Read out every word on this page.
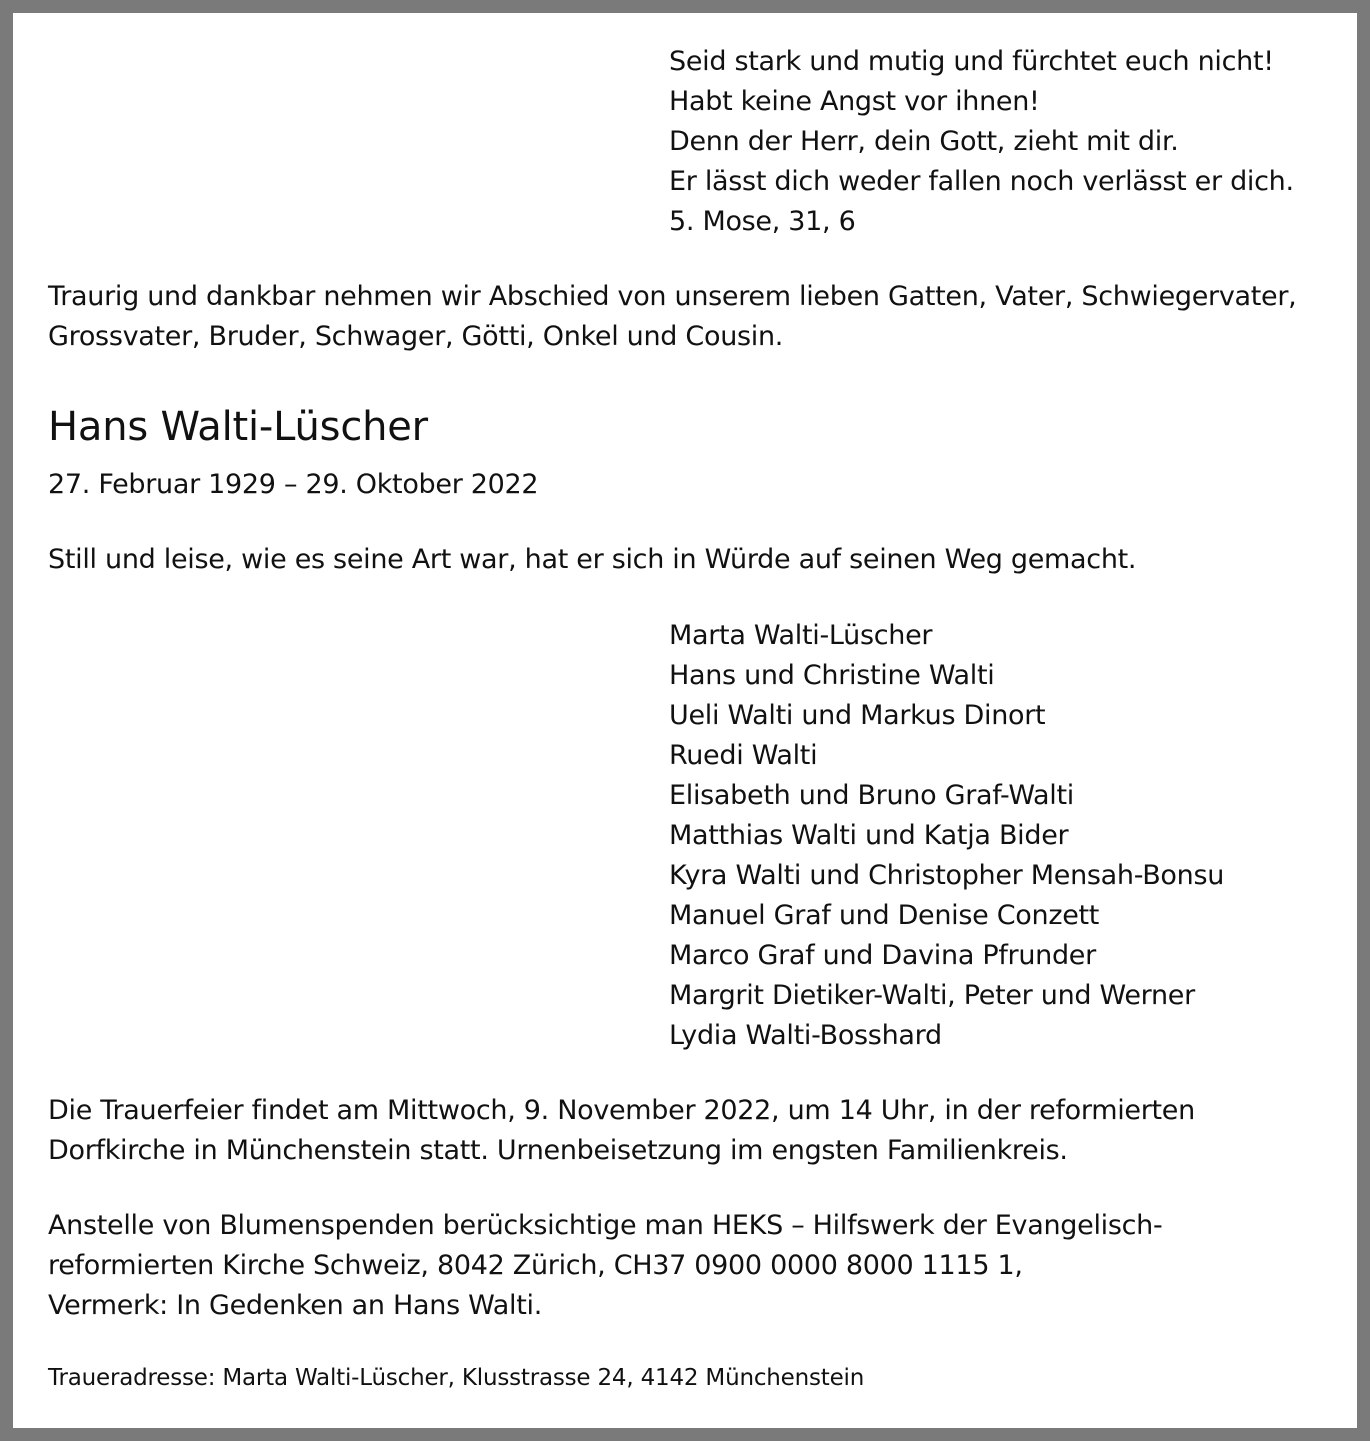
Seid stark und mutig und fürchtet euch nicht!
Habt keine Angst vor ihnen!
Denn der Herr, dein Gott, zieht mit dir.
Er lässt dich weder fallen noch verlässt er dich.
5. Mose, 31, 6
Traurig und dankbar nehmen wir Abschied von unserem lieben Gatten, Vater, Schwiegervater,
Grossvater, Bruder, Schwager, Götti, Onkel und Cousin.
Hans Walti-Lüscher
27. Februar 1929 – 29. Oktober 2022
Still und leise, wie es seine Art war, hat er sich in Würde auf seinen Weg gemacht.
Marta Walti-Lüscher
Hans und Christine Walti
Ueli Walti und Markus Dinort
Ruedi Walti
Elisabeth und Bruno Graf-Walti
Matthias Walti und Katja Bider
Kyra Walti und Christopher Mensah-Bonsu
Manuel Graf und Denise Conzett
Marco Graf und Davina Pfrunder
Margrit Dietiker-Walti, Peter und Werner
Lydia Walti-Bosshard
Die Trauerfeier findet am Mittwoch, 9. November 2022, um 14 Uhr, in der reformierten
Dorfkirche in Münchenstein statt. Urnenbeisetzung im engsten Familienkreis.
Anstelle von Blumenspenden berücksichtige man HEKS – Hilfswerk der Evangelisch-
reformierten Kirche Schweiz, 8042 Zürich, CH37 0900 0000 8000 1115 1,
Vermerk: In Gedenken an Hans Walti.
Traueradresse: Marta Walti-Lüscher, Klusstrasse 24, 4142 Münchenstein
